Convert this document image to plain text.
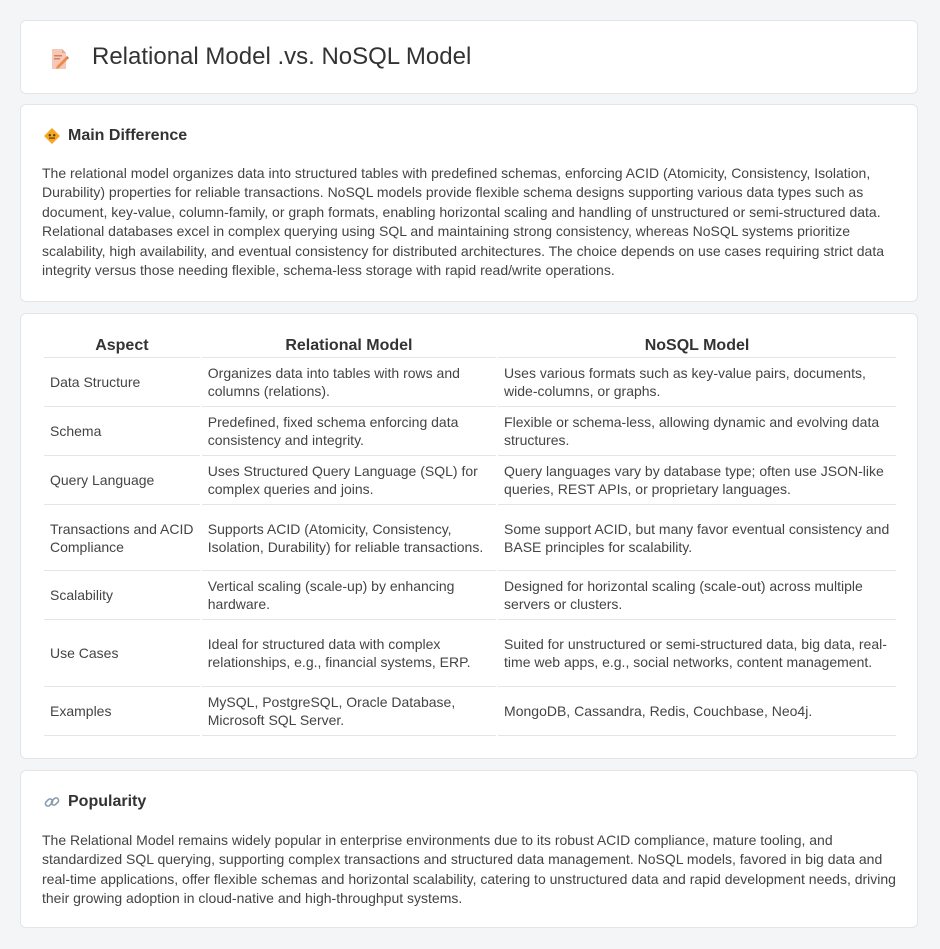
Relational Model .vs. NoSQL Model
Main Difference

The relational model organizes data into structured tables with predefined schemas, enforcing ACID (Atomicity, Consistency, Isolation, Durability) properties for reliable transactions. NoSQL models provide flexible schema designs supporting various data types such as document, key-value, column-family, or graph formats, enabling horizontal scaling and handling of unstructured or semi-structured data. Relational databases excel in complex querying using SQL and maintaining strong consistency, whereas NoSQL systems prioritize scalability, high availability, and eventual consistency for distributed architectures. The choice depends on use cases requiring strict data integrity versus those needing flexible, schema-less storage with rapid read/write operations.

Aspect	Relational Model	NoSQL Model
Data Structure	Organizes data into tables with rows and columns (relations).	Uses various formats such as key-value pairs, documents, wide-columns, or graphs.
Schema	Predefined, fixed schema enforcing data consistency and integrity.	Flexible or schema-less, allowing dynamic and evolving data structures.
Query Language	Uses Structured Query Language (SQL) for complex queries and joins.	Query languages vary by database type; often use JSON-like queries, REST APIs, or proprietary languages.
Transactions and ACID Compliance	Supports ACID (Atomicity, Consistency, Isolation, Durability) for reliable transactions.	Some support ACID, but many favor eventual consistency and BASE principles for scalability.
Scalability	Vertical scaling (scale-up) by enhancing hardware.	Designed for horizontal scaling (scale-out) across multiple servers or clusters.
Use Cases	Ideal for structured data with complex relationships, e.g., financial systems, ERP.	Suited for unstructured or semi-structured data, big data, real-time web apps, e.g., social networks, content management.
Examples	MySQL, PostgreSQL, Oracle Database, Microsoft SQL Server.	MongoDB, Cassandra, Redis, Couchbase, Neo4j.
Popularity

The Relational Model remains widely popular in enterprise environments due to its robust ACID compliance, mature tooling, and standardized SQL querying, supporting complex transactions and structured data management. NoSQL models, favored in big data and real-time applications, offer flexible schemas and horizontal scalability, catering to unstructured data and rapid development needs, driving their growing adoption in cloud-native and high-throughput systems.
